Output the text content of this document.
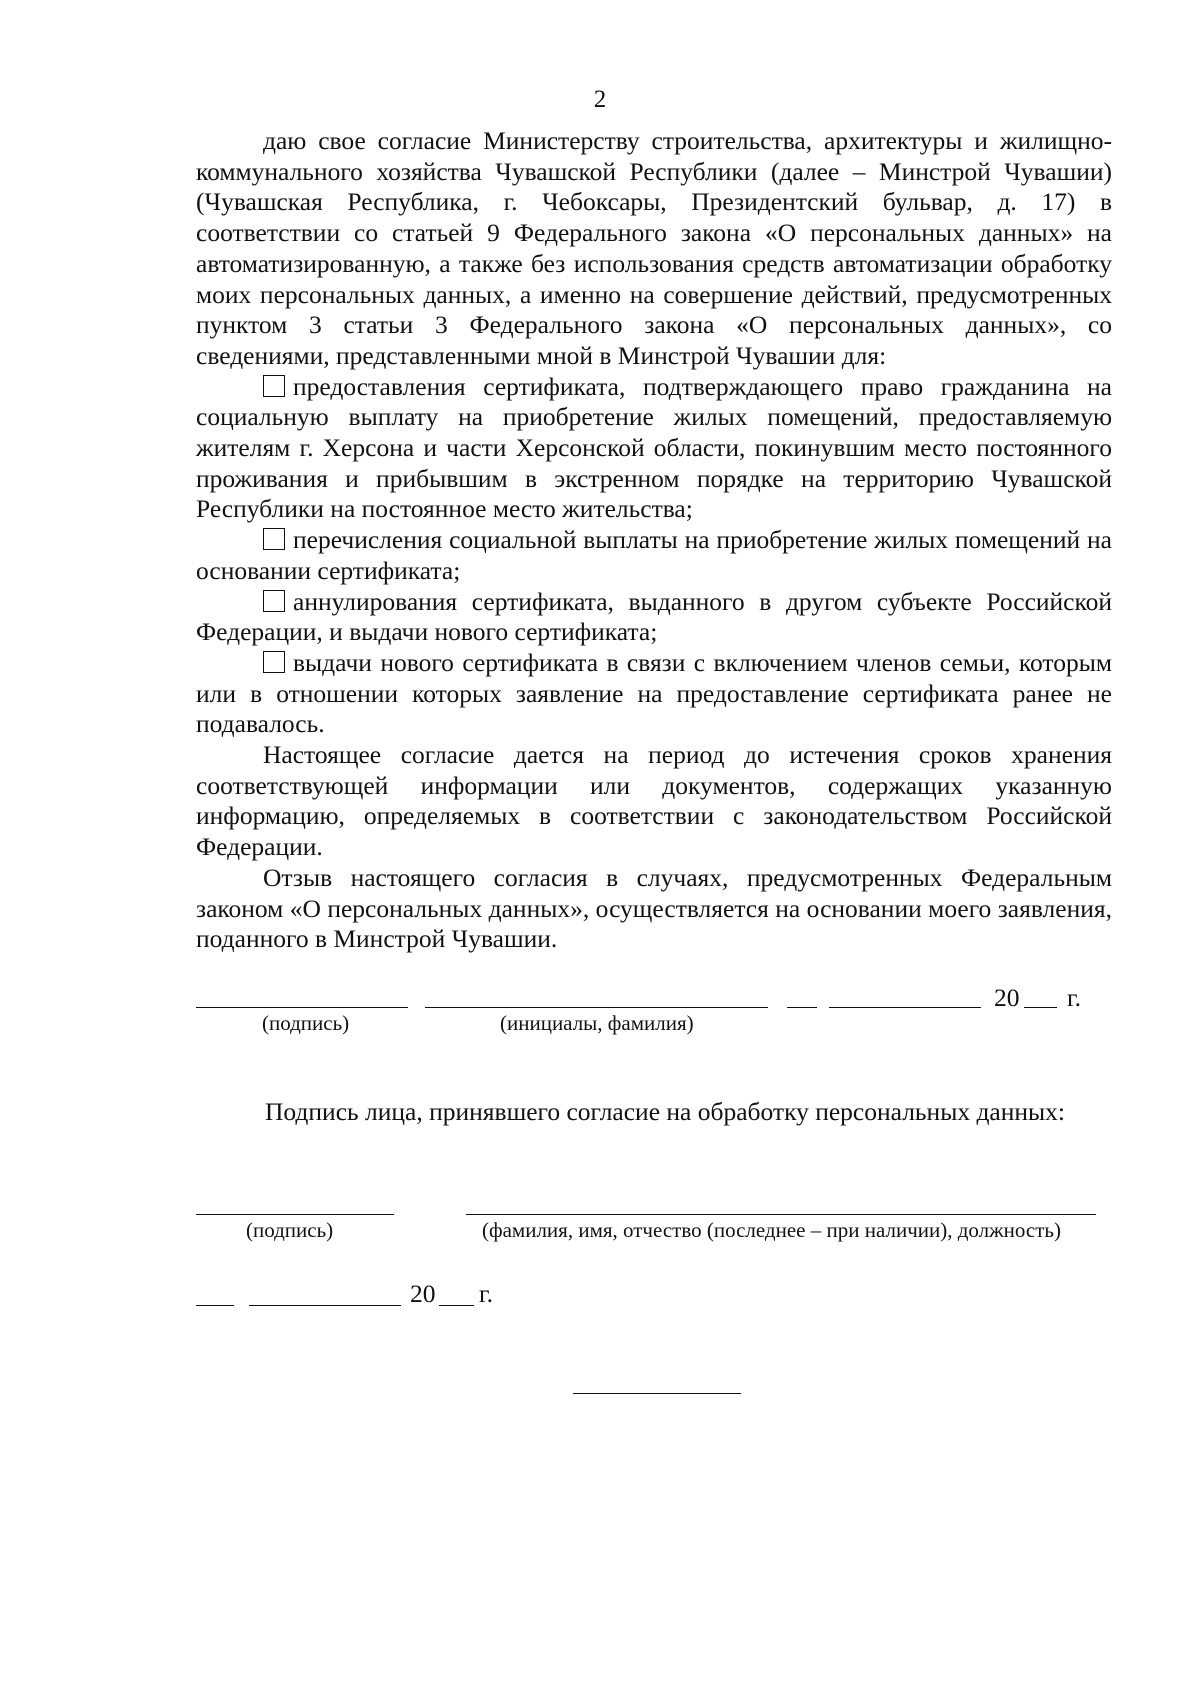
2

даю свое согласие Министерству строительства, архитектуры и жилищно-коммунального хозяйства Чувашской Республики (далее – Минстрой Чувашии) (Чувашская Республика, г. Чебоксары, Президентский бульвар, д. 17) в соответствии со статьей 9 Федерального закона «О персональных данных» на автоматизированную, а также без использования средств автоматизации обработку моих персональных данных, а именно на совершение действий, предусмотренных пунктом 3 статьи 3 Федерального закона «О персональных данных», со сведениями, представленными мной в Минстрой Чувашии для:

предоставления сертификата, подтверждающего право гражданина на социальную выплату на приобретение жилых помещений, предоставляемую жителям г. Херсона и части Херсонской области, покинувшим место постоянного проживания и прибывшим в экстренном порядке на территорию Чувашской Республики на постоянное место жительства;

перечисления социальной выплаты на приобретение жилых помещений на основании сертификата;

аннулирования сертификата, выданного в другом субъекте Российской Федерации, и выдачи нового сертификата;

выдачи нового сертификата в связи с включением членов семьи, которым или в отношении которых заявление на предоставление сертификата ранее не подавалось.

Настоящее согласие дается на период до истечения сроков хранения соответствующей информации или документов, содержащих указанную информацию, определяемых в соответствии с законодательством Российской Федерации.

Отзыв настоящего согласия в случаях, предусмотренных Федеральным законом «О персональных данных», осуществляется на основании моего заявления, поданного в Минстрой Чувашии.

20 г.
(подпись)	(инициалы, фамилия)
Подпись лица, принявшего согласие на обработку персональных данных:
(подпись)	(фамилия, имя, отчество (последнее – при наличии), должность)
20 г.
